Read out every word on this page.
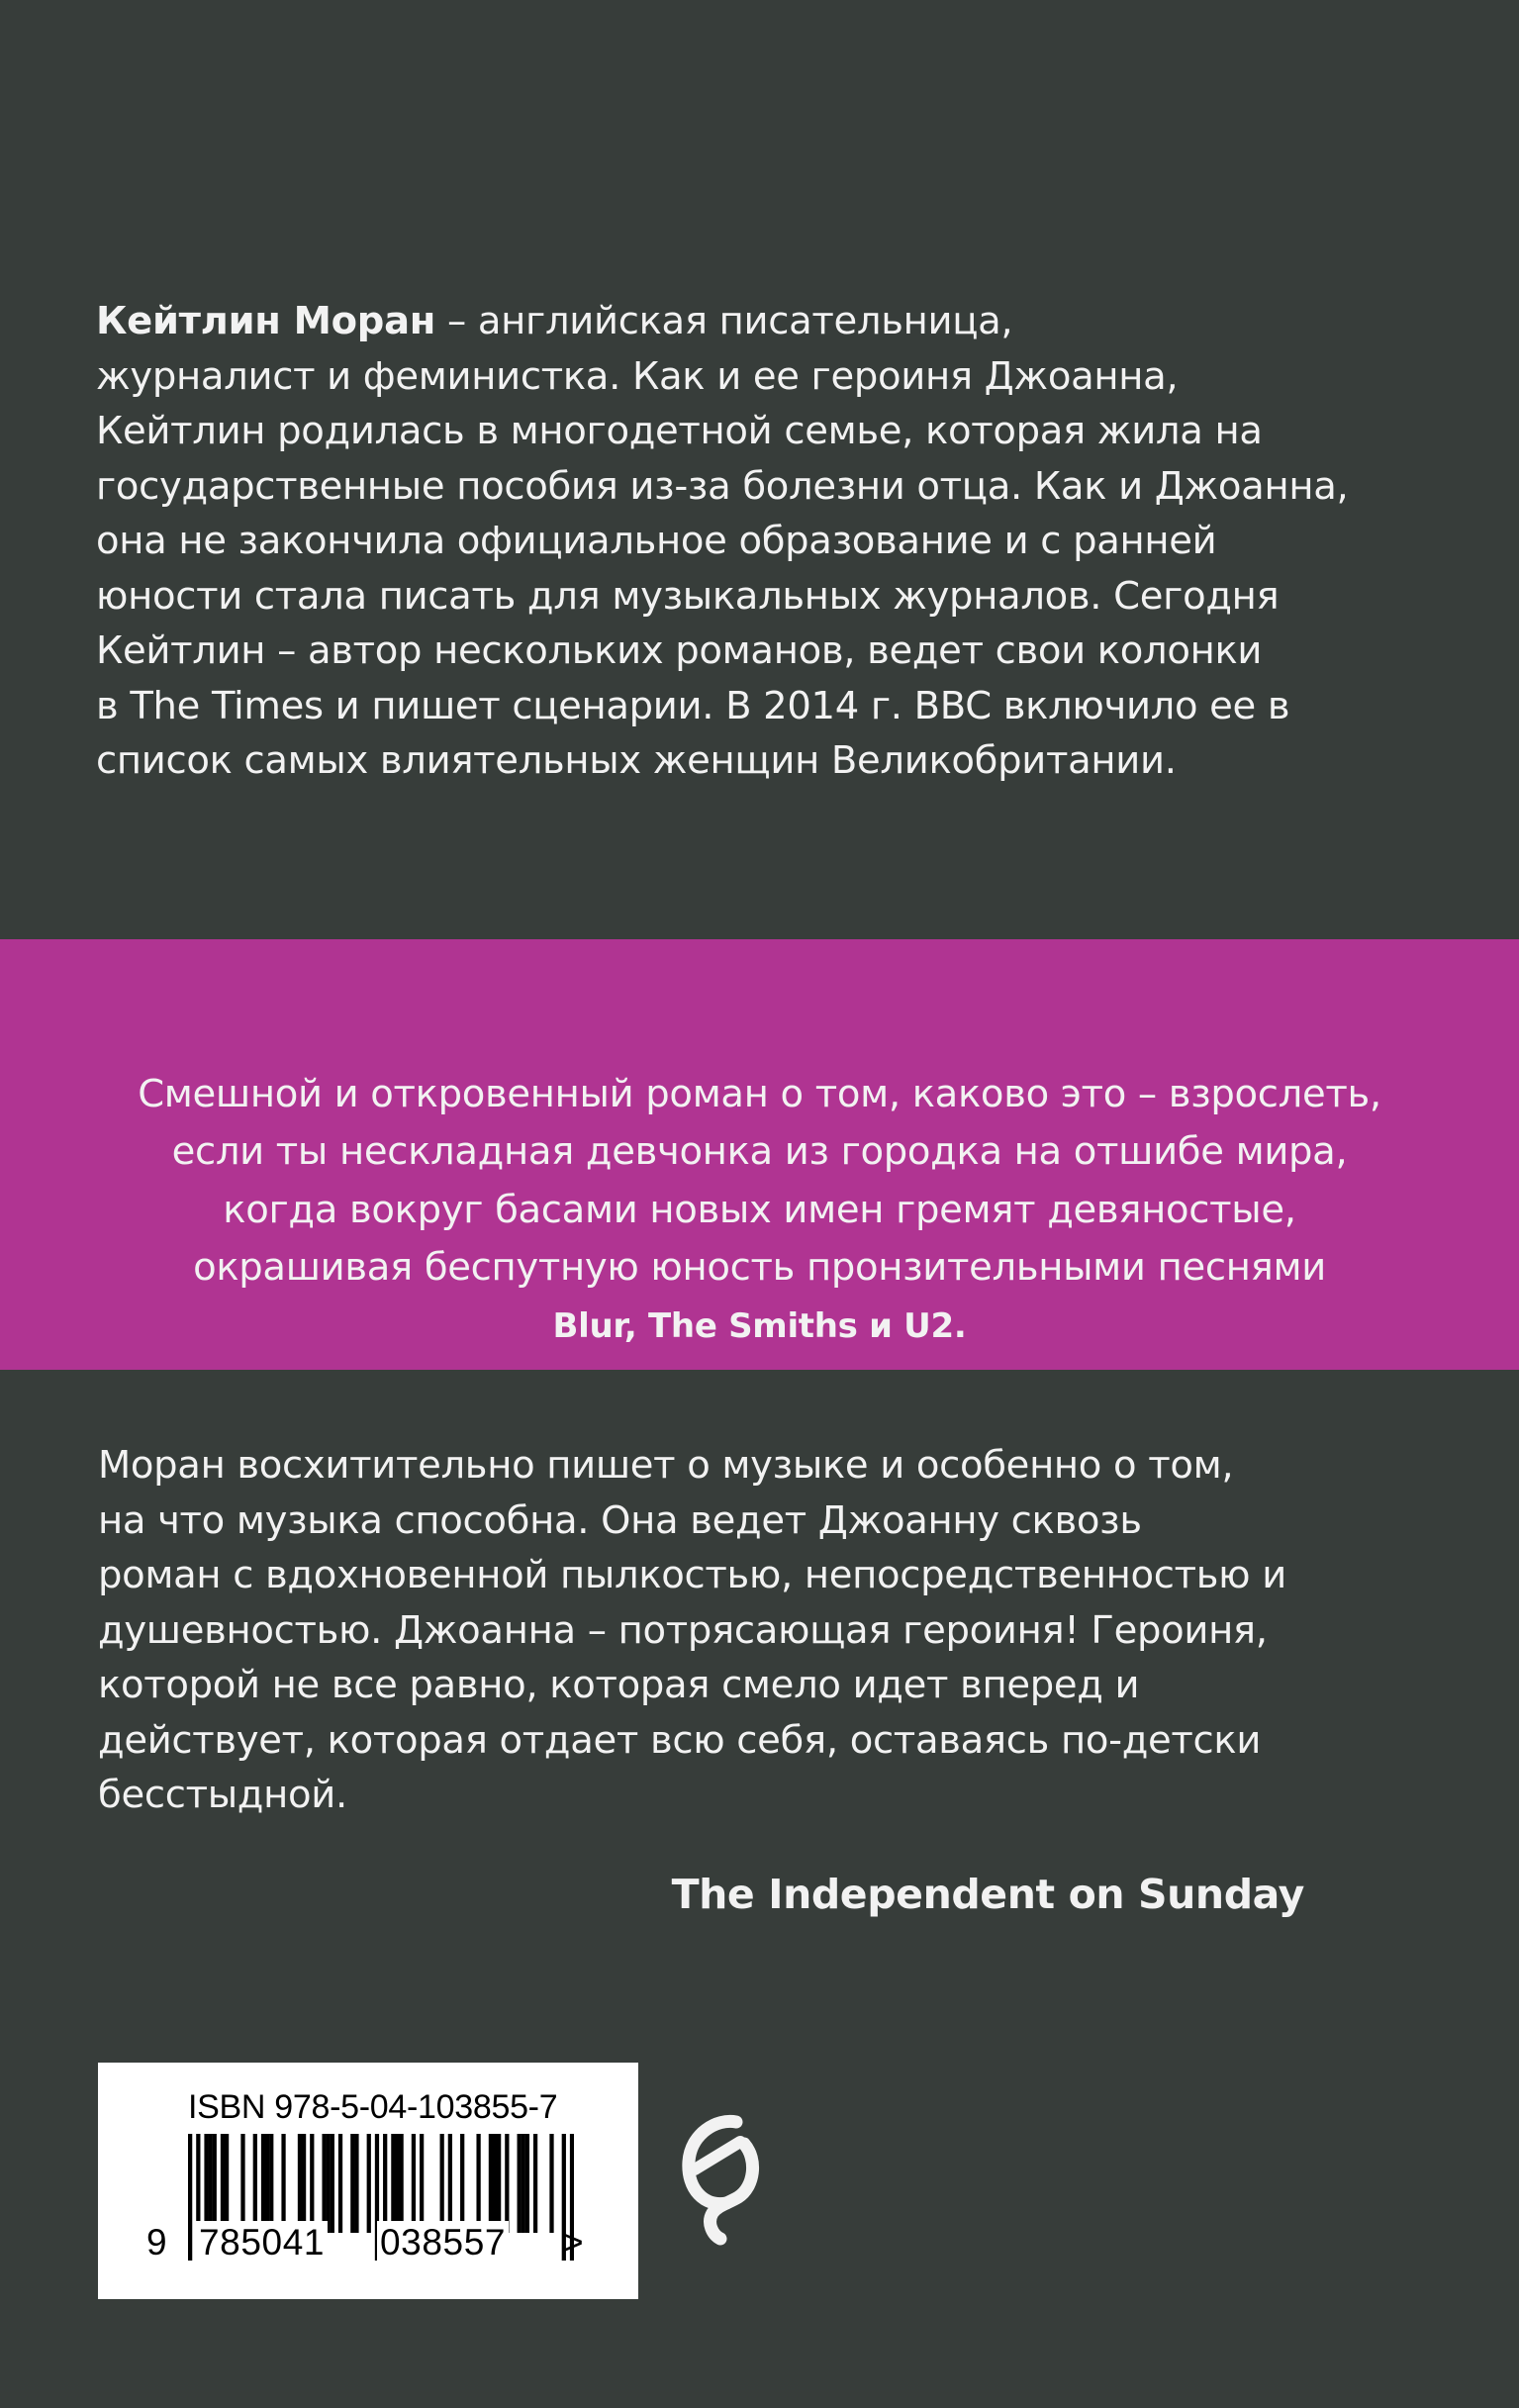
Кейтлин Моран – английская писательница,
журналист и феминистка. Как и ее героиня Джоанна,
Кейтлин родилась в многодетной семье, которая жила на
государственные пособия из-за болезни отца. Как и Джоанна,
она не закончила официальное образование и с ранней
юности стала писать для музыкальных журналов. Сегодня
Кейтлин – автор нескольких романов, ведет свои колонки
в The Times и пишет сценарии. В 2014 г. BBC включило ее в
список самых влиятельных женщин Великобритании.

Смешной и откровенный роман о том, каково это – взрослеть,
если ты нескладная девчонка из городка на отшибе мира,
когда вокруг басами новых имен гремят девяностые,
окрашивая беспутную юность пронзительными песнями

Blur, The Smiths и U2.

Моран восхитительно пишет о музыке и особенно о том,
на что музыка способна. Она ведет Джоанну сквозь
роман с вдохновенной пылкостью, непосредственностью и
душевностью. Джоанна – потрясающая героиня! Героиня,
которой не все равно, которая смело идет вперед и
действует, которая отдает всю себя, оставаясь по-детски
бесстыдной.
The Independent on Sunday
ISBN 978-5-04-103855-7
9 785041 038557 >
